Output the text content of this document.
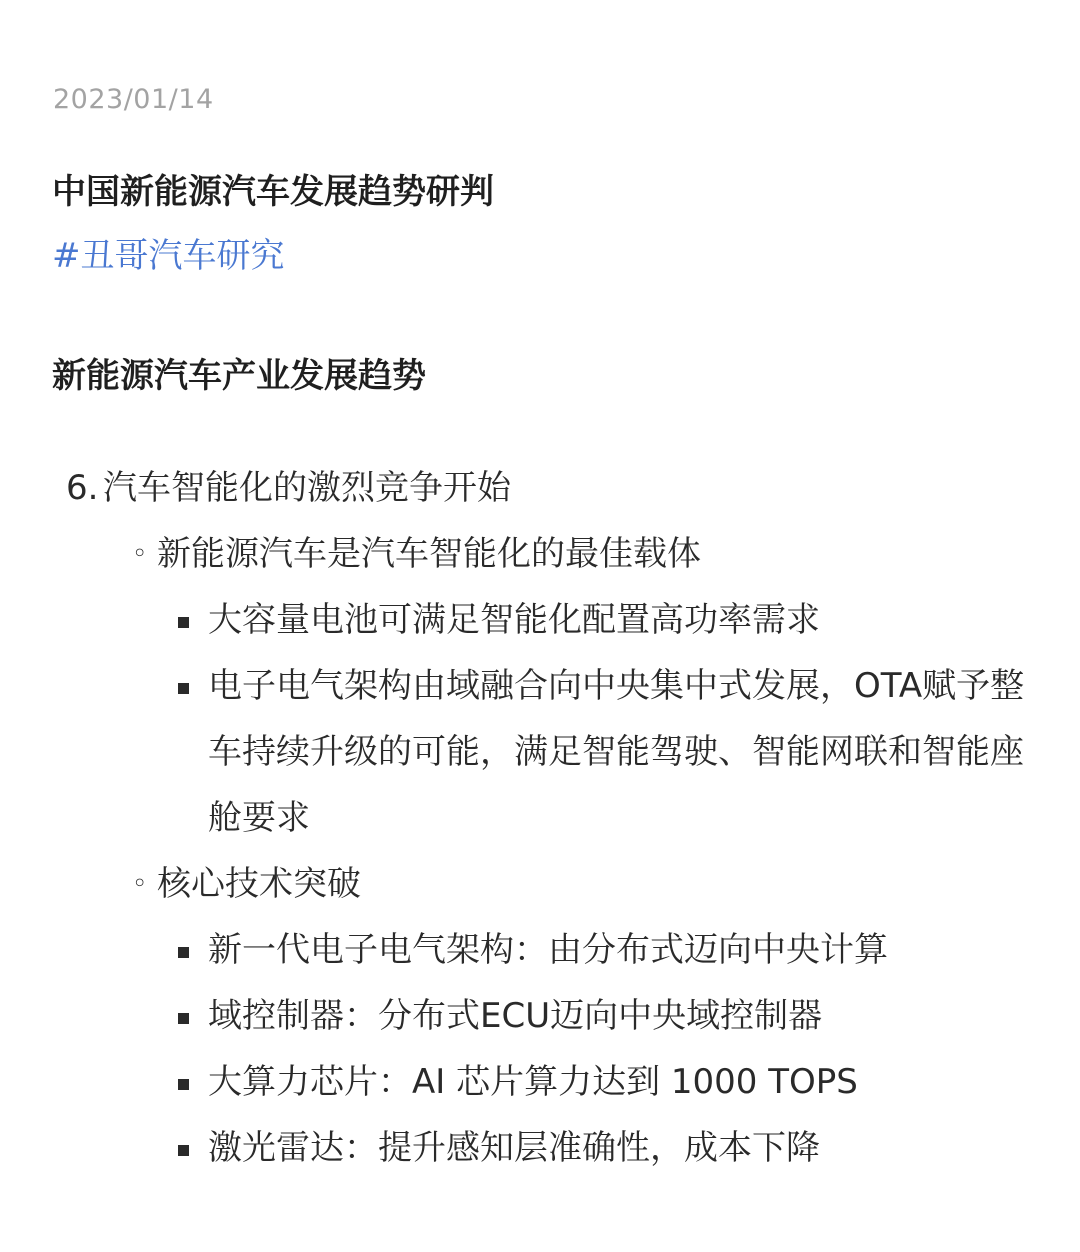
2023/01/14
中国新能源汽车发展趋势研判
#丑哥汽车研究
新能源汽车产业发展趋势
6. 汽车智能化的激烈竞争开始
◦ 新能源汽车是汽车智能化的最佳载体
大容量电池可满足智能化配置高功率需求
电子电气架构由域融合向中央集中式发展，OTA赋予整车持续升级的可能，满足智能驾驶、智能网联和智能座舱要求
◦ 核心技术突破
新一代电子电气架构：由分布式迈向中央计算
域控制器：分布式ECU迈向中央域控制器
大算力芯片：AI 芯片算力达到 1000 TOPS
激光雷达：提升感知层准确性，成本下降
